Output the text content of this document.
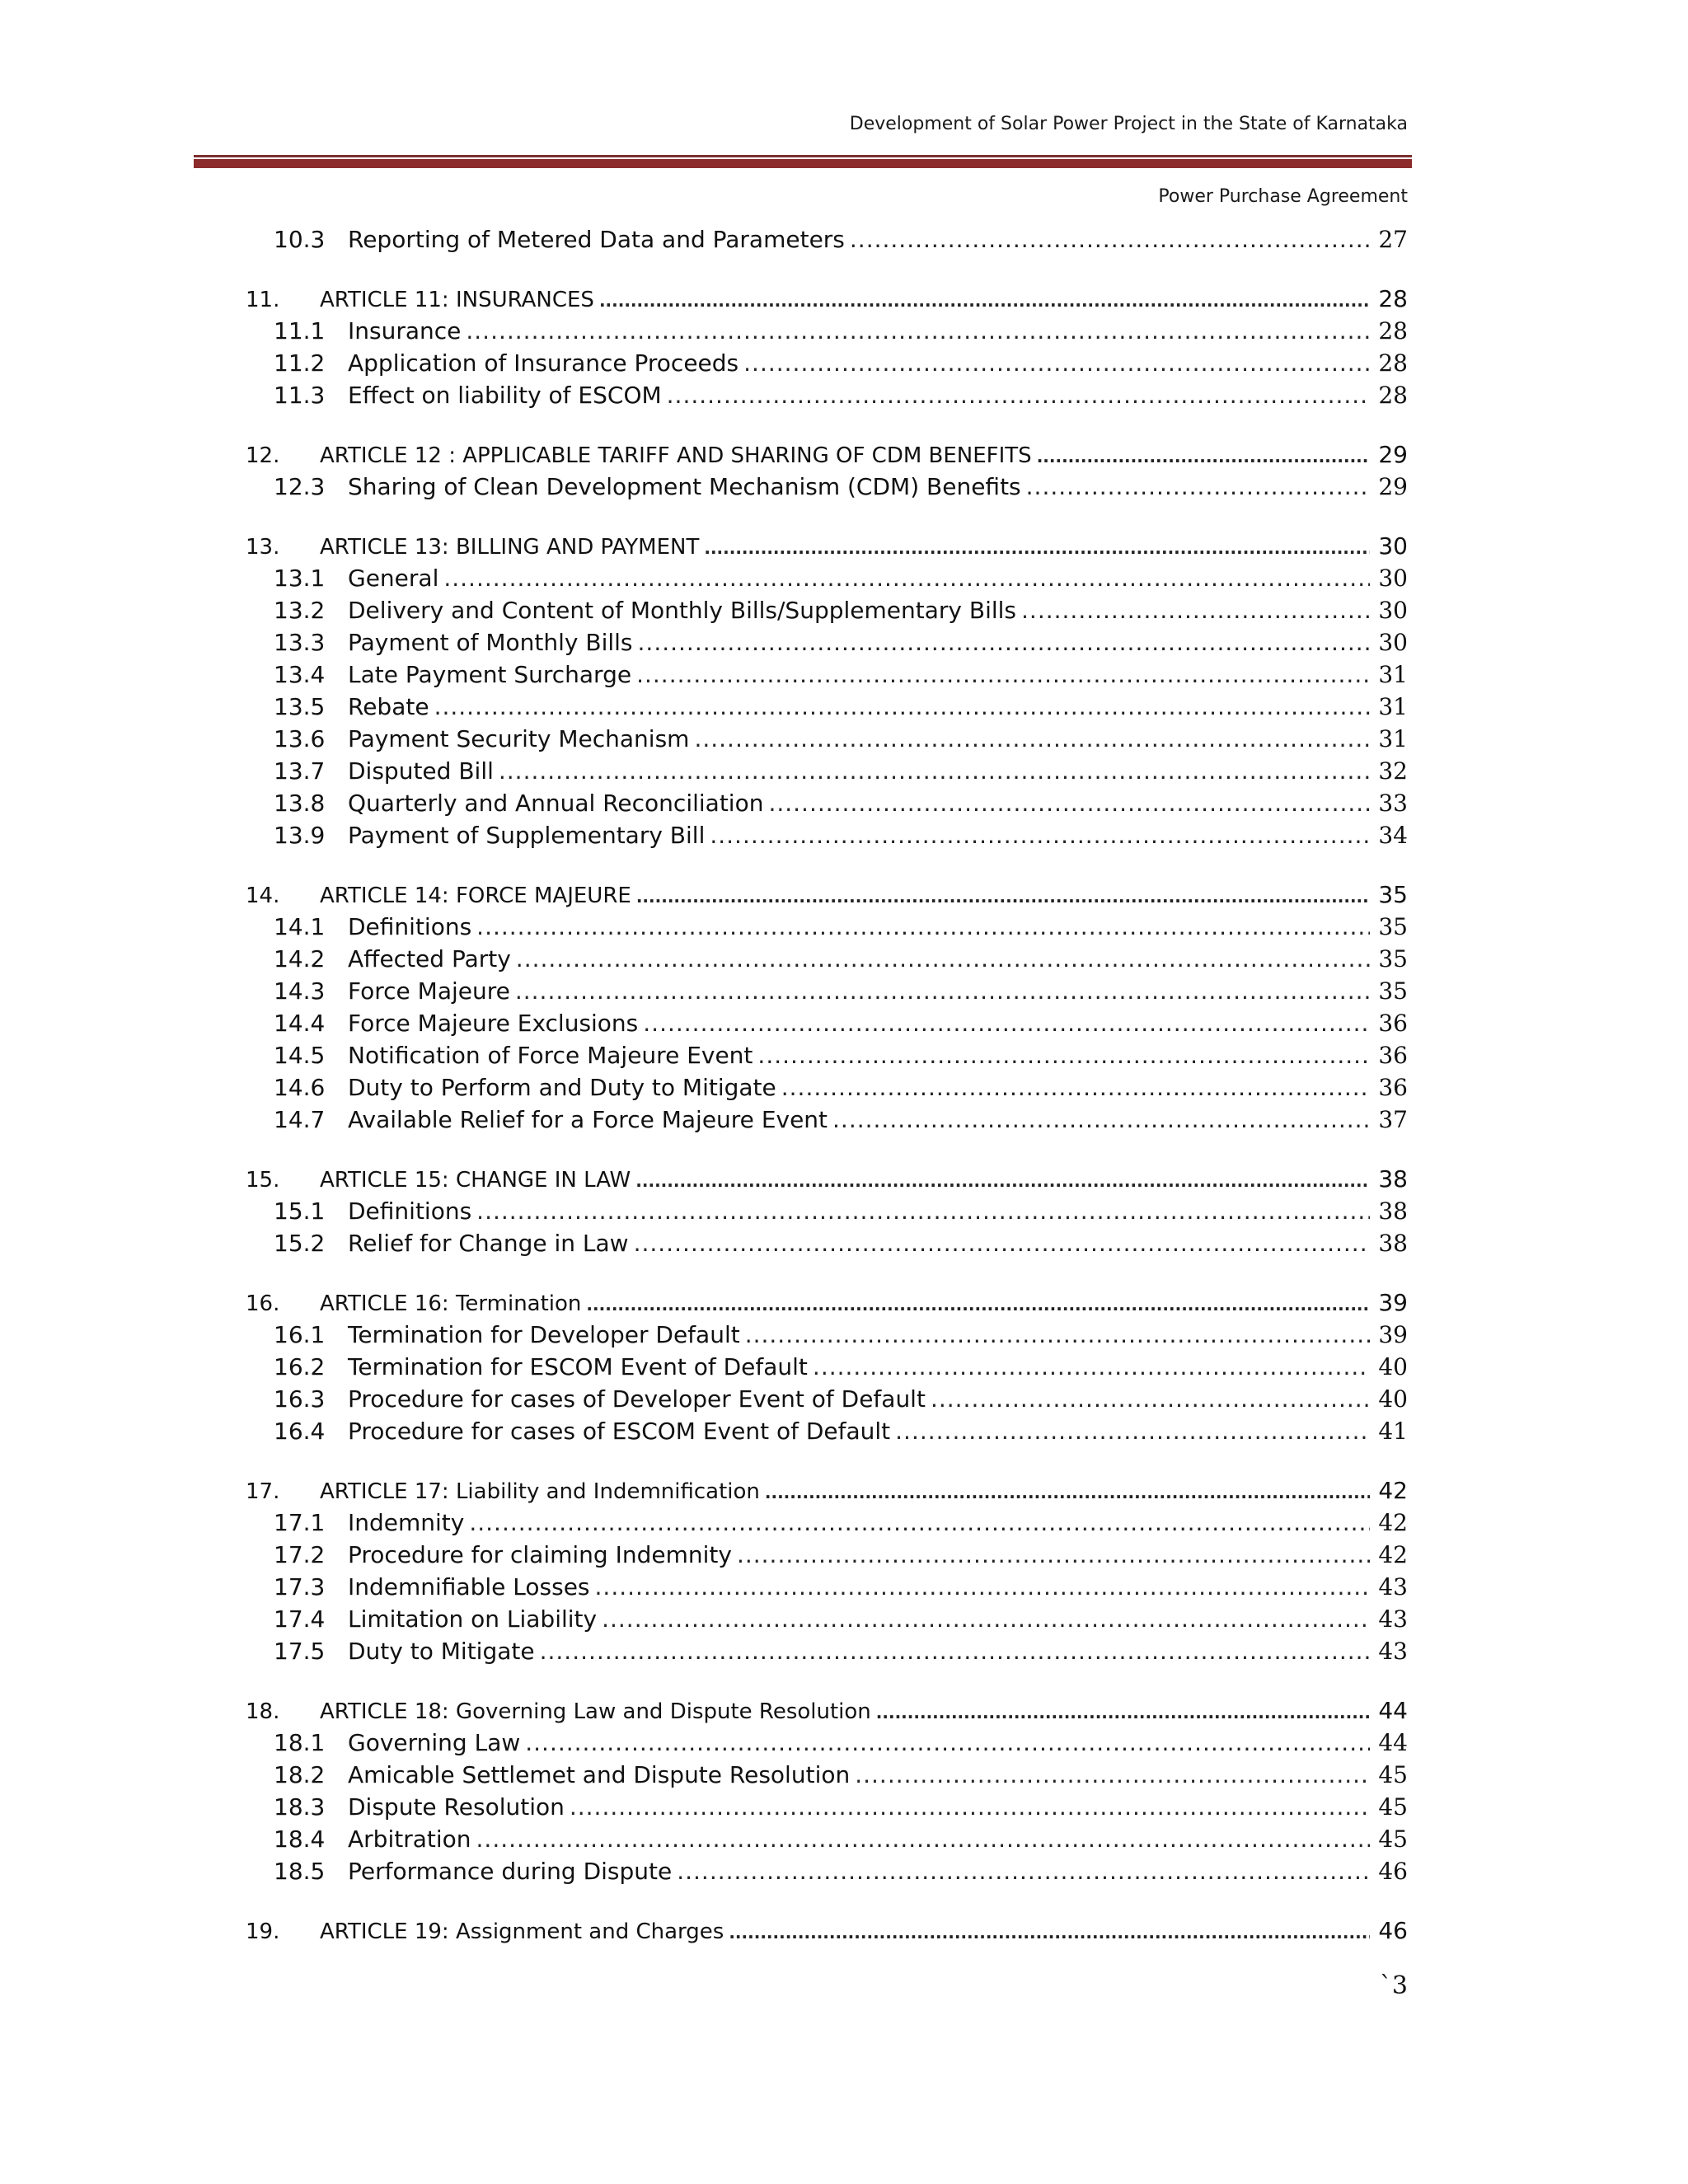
Development of Solar Power Project in the State of Karnataka
Power Purchase Agreement
10.3 Reporting of Metered Data and Parameters .....	27
11.	ARTICLE 11: INSURANCES .....	28
11.1 Insurance .....	28
11.2 Application of Insurance Proceeds .....	28
11.3 Effect on liability of ESCOM .....	28
12.	ARTICLE 12 : APPLICABLE TARIFF AND SHARING OF CDM BENEFITS .....	29
12.3 Sharing of Clean Development Mechanism (CDM) Benefits .....	29
13.	ARTICLE 13: BILLING AND PAYMENT .....	30
13.1 General .....	30
13.2 Delivery and Content of Monthly Bills/Supplementary Bills .....	30
13.3 Payment of Monthly Bills .....	30
13.4 Late Payment Surcharge .....	31
13.5 Rebate .....	31
13.6 Payment Security Mechanism .....	31
13.7 Disputed Bill .....	32
13.8 Quarterly and Annual Reconciliation .....	33
13.9 Payment of Supplementary Bill .....	34
14.	ARTICLE 14: FORCE MAJEURE .....	35
14.1 Definitions .....	35
14.2 Affected Party .....	35
14.3 Force Majeure .....	35
14.4 Force Majeure Exclusions .....	36
14.5 Notification of Force Majeure Event .....	36
14.6 Duty to Perform and Duty to Mitigate .....	36
14.7 Available Relief for a Force Majeure Event .....	37
15.	ARTICLE 15: CHANGE IN LAW .....	38
15.1 Definitions .....	38
15.2 Relief for Change in Law .....	38
16.	ARTICLE 16: Termination .....	39
16.1 Termination for Developer Default .....	39
16.2 Termination for ESCOM Event of Default .....	40
16.3 Procedure for cases of Developer Event of Default .....	40
16.4 Procedure for cases of ESCOM Event of Default .....	41
17.	ARTICLE 17: Liability and Indemnification .....	42
17.1 Indemnity .....	42
17.2 Procedure for claiming Indemnity .....	42
17.3 Indemnifiable Losses .....	43
17.4 Limitation on Liability .....	43
17.5 Duty to Mitigate .....	43
18.	ARTICLE 18: Governing Law and Dispute Resolution .....	44
18.1 Governing Law .....	44
18.2 Amicable Settlemet and Dispute Resolution .....	45
18.3 Dispute Resolution .....	45
18.4 Arbitration .....	45
18.5 Performance during Dispute .....	46
19.	ARTICLE 19: Assignment and Charges .....	46
`3
